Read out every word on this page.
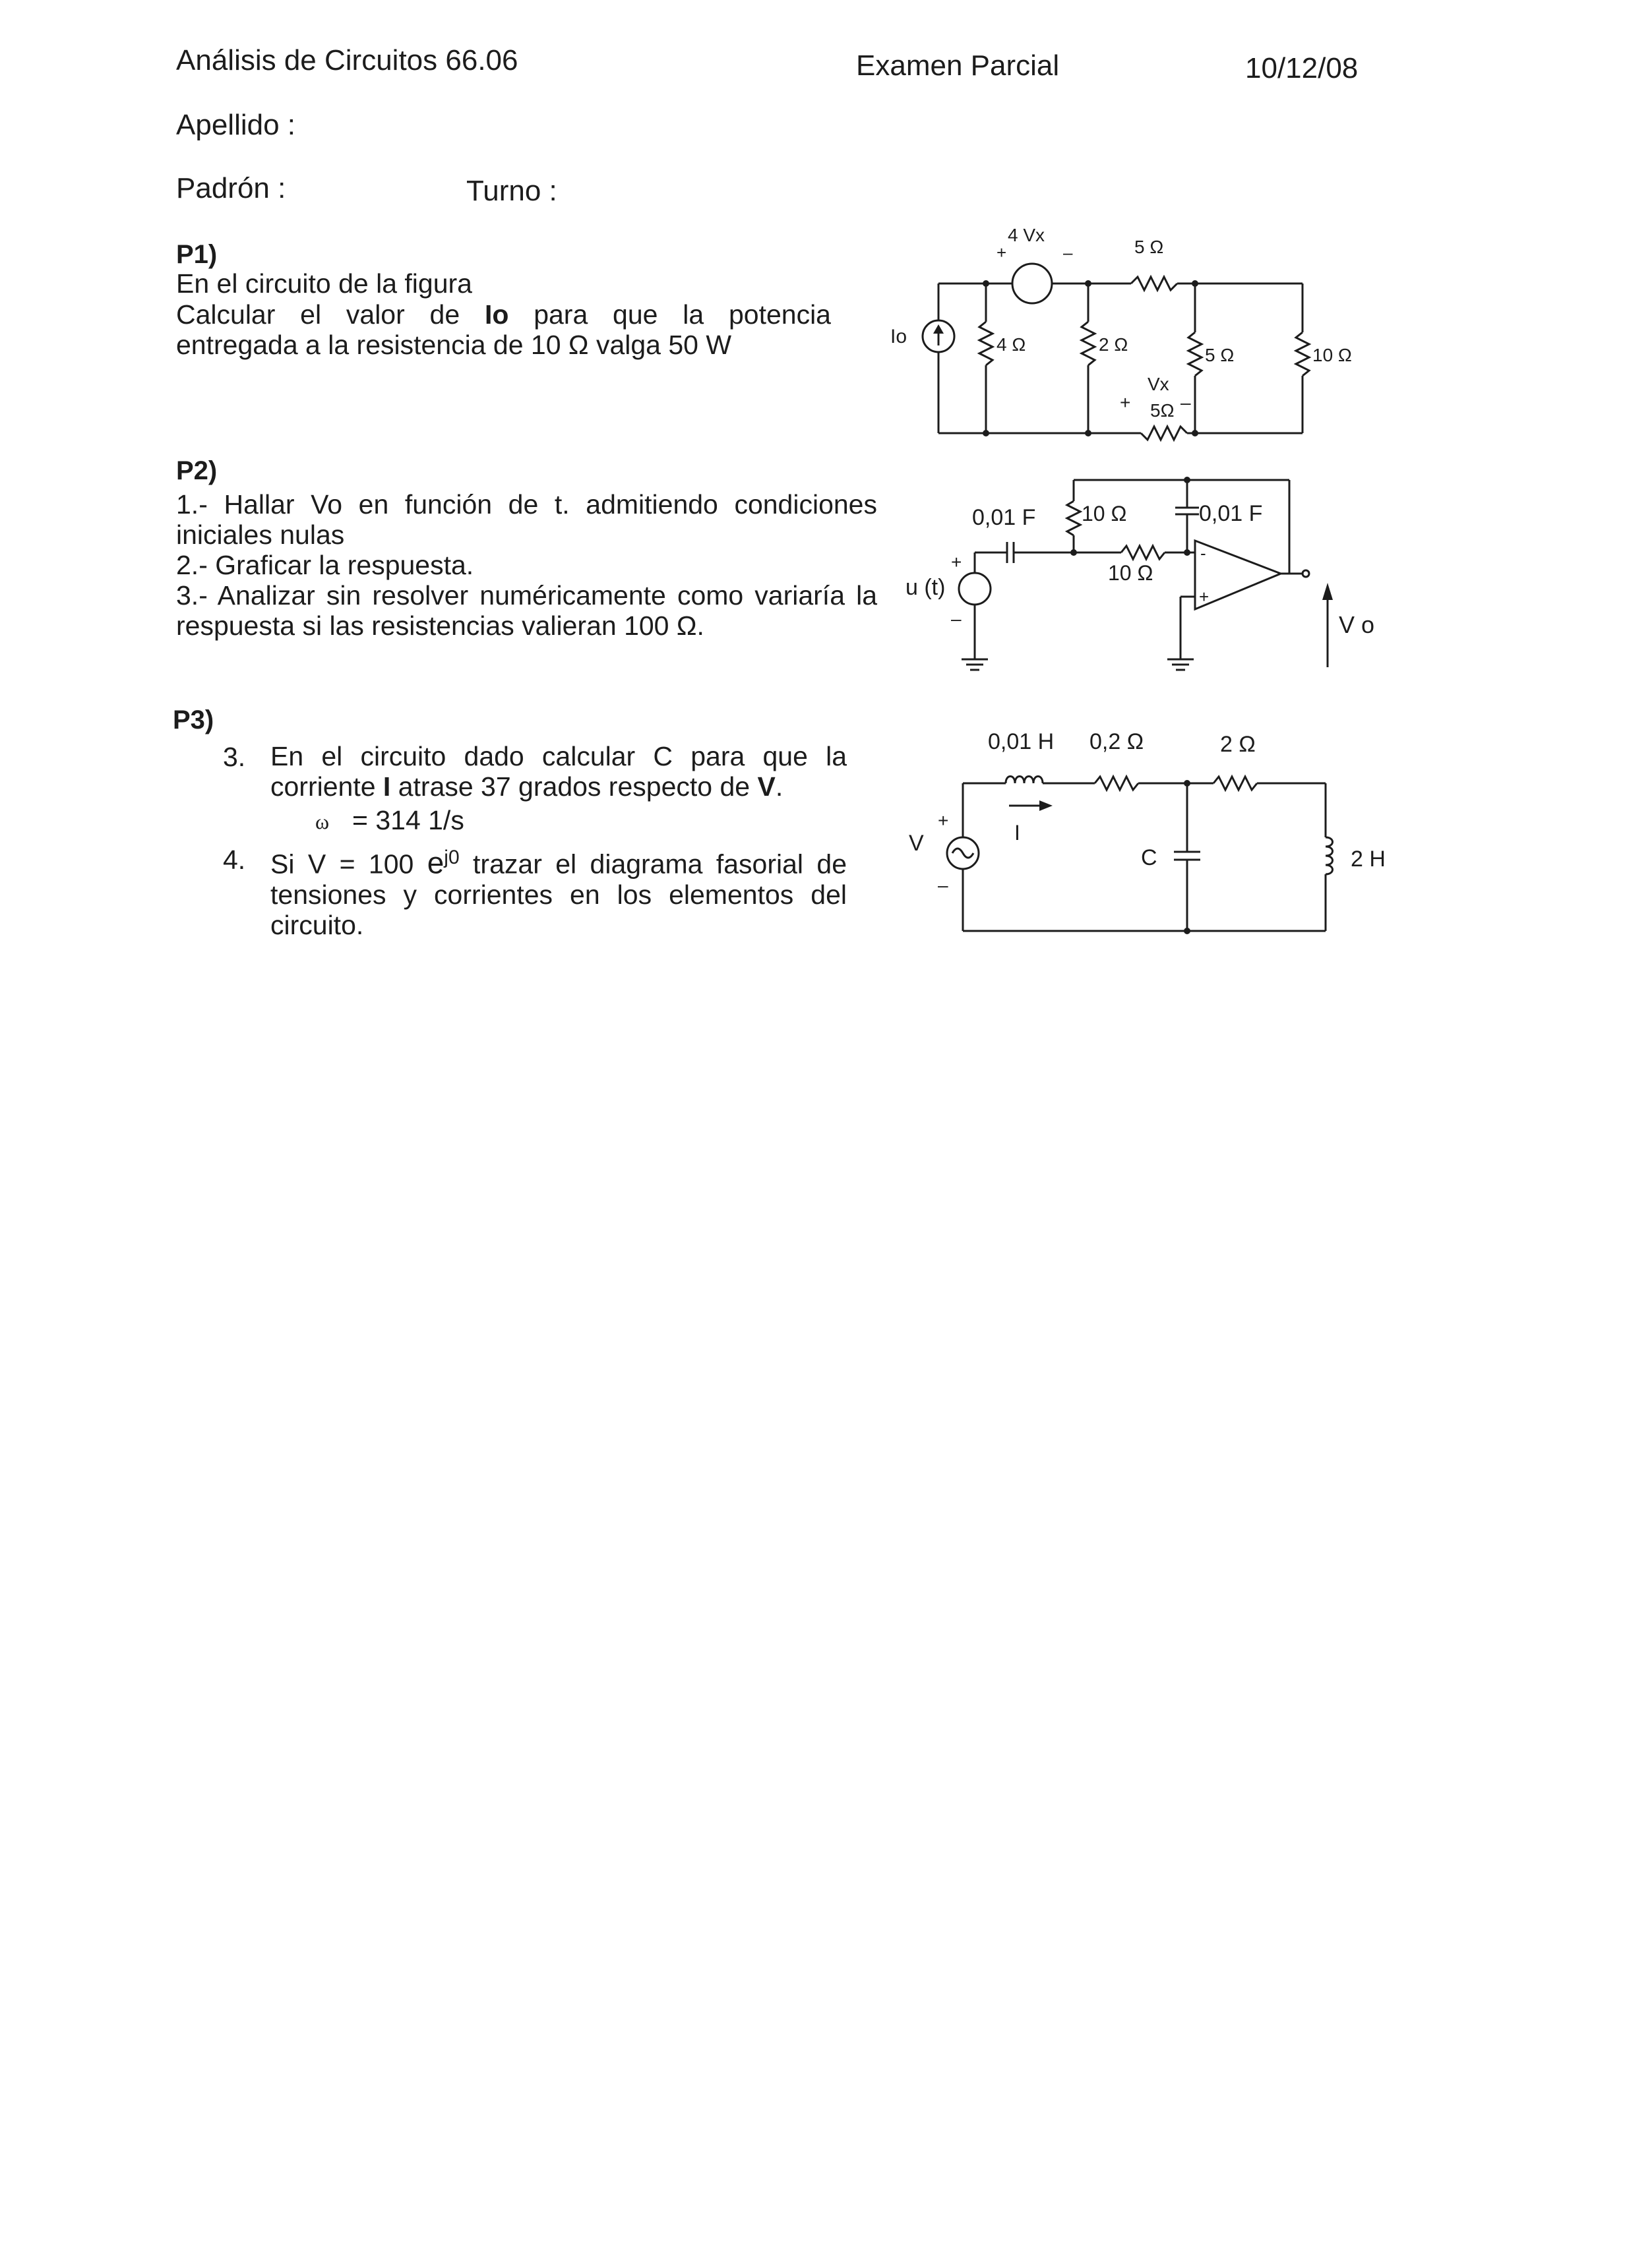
Análisis de Circuitos 66.06	Examen Parcial	10/12/08
Apellido :
Padrón :	Turno :
P1)
En el circuito de la figura
Calcular el valor de Io para que la potencia
entregada a la resistencia de 10 Ω valga 50 W	Io
4 Vx
+	–	5 Ω
4 Ω	2 Ω
5 Ω	10 Ω
Vx
+	–
5Ω
P2)
1.- Hallar Vo en función de t. admitiendo condiciones
iniciales nulas
2.- Graficar la respuesta.
3.- Analizar sin resolver numéricamente como variaría la
respuesta si las resistencias valieran 100 Ω.
0,01 F 10 Ω	0,01 F
10 Ω
u (t)
+
–
-
+
V o
P3)
3. En el circuito dado calcular C para que la
corriente I atrase 37 grados respecto de V.
ω = 314 1/s
4. Si V = 100 $e^{j0}$ trazar el diagrama fasorial de
tensiones y corrientes en los elementos del
circuito.
0,01 H 0,2 Ω	2 Ω
V
+
–
I
C	2 H
